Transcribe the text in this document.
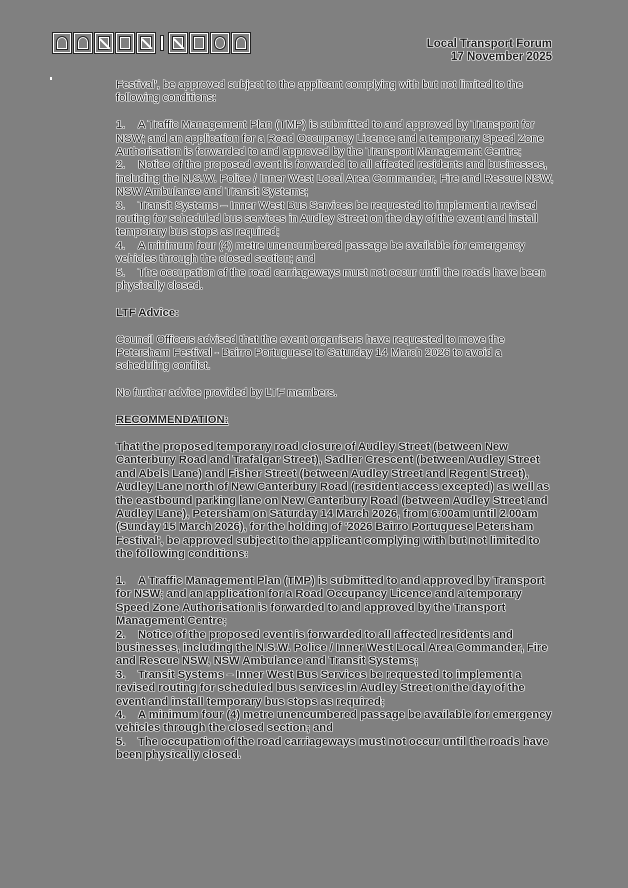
Local Transport Forum
17 November 2025

Festival', be approved subject to the applicant complying with but not limited to the following conditions:

1. A Traffic Management Plan (TMP) is submitted to and approved by Transport for NSW; and an application for a Road Occupancy Licence and a temporary Speed Zone Authorisation is forwarded to and approved by the Transport Management Centre;

2. Notice of the proposed event is forwarded to all affected residents and businesses, including the N.S.W. Police / Inner West Local Area Commander, Fire and Rescue NSW, NSW Ambulance and Transit Systems;

3. Transit Systems – Inner West Bus Services be requested to implement a revised routing for scheduled bus services in Audley Street on the day of the event and install temporary bus stops as required;

4. A minimum four (4) metre unencumbered passage be available for emergency vehicles through the closed section; and

5. The occupation of the road carriageways must not occur until the roads have been physically closed.

LTF Advice:

Council Officers advised that the event organisers have requested to move the Petersham Festival - Bairro Portuguese to Saturday 14 March 2026 to avoid a scheduling conflict.

No further advice provided by LTF members.

RECOMMENDATION:

That the proposed temporary road closure of Audley Street (between New Canterbury Road and Trafalgar Street), Sadlier Crescent (between Audley Street and Abels Lane) and Fisher Street (between Audley Street and Regent Street), Audley Lane north of New Canterbury Road (resident access excepted) as well as the eastbound parking lane on New Canterbury Road (between Audley Street and Audley Lane), Petersham on Saturday 14 March 2026, from 6:00am until 2.00am (Sunday 15 March 2026), for the holding of '2026 Bairro Portuguese Petersham Festival', be approved subject to the applicant complying with but not limited to the following conditions:

1. A Traffic Management Plan (TMP) is submitted to and approved by Transport for NSW; and an application for a Road Occupancy Licence and a temporary Speed Zone Authorisation is forwarded to and approved by the Transport Management Centre;

2. Notice of the proposed event is forwarded to all affected residents and businesses, including the N.S.W. Police / Inner West Local Area Commander, Fire and Rescue NSW, NSW Ambulance and Transit Systems;

3. Transit Systems – Inner West Bus Services be requested to implement a revised routing for scheduled bus services in Audley Street on the day of the event and install temporary bus stops as required;

4. A minimum four (4) metre unencumbered passage be available for emergency vehicles through the closed section; and

5. The occupation of the road carriageways must not occur until the roads have been physically closed.
